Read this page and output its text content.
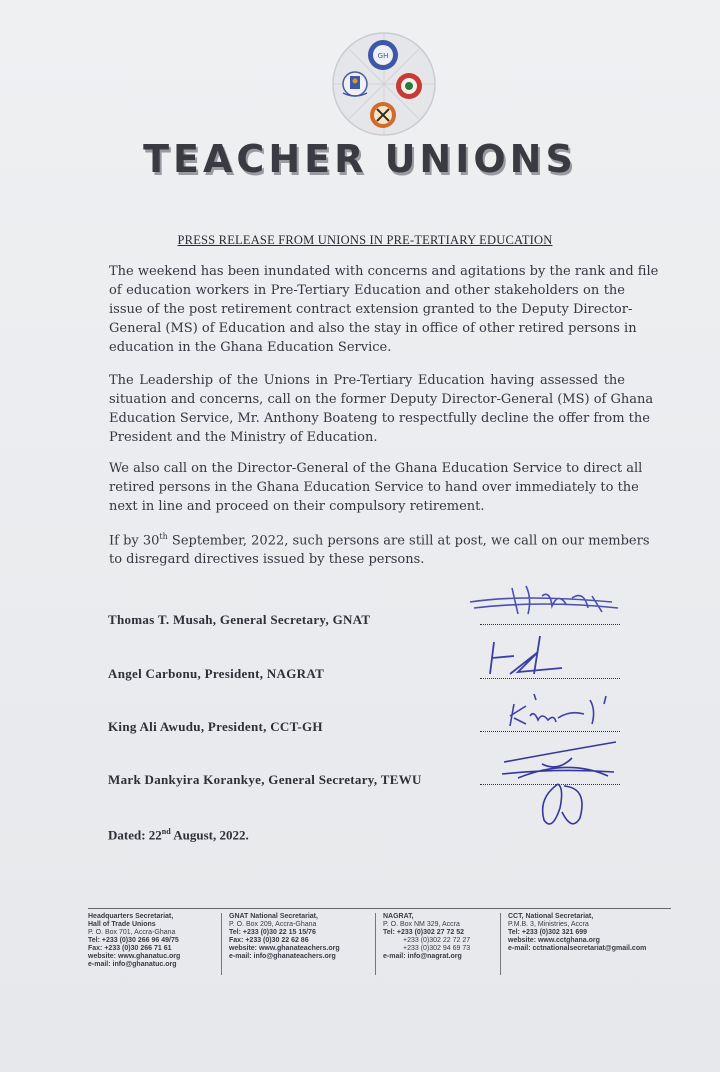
GH
TEACHER UNIONS
PRESS RELEASE FROM UNIONS IN PRE-TERTIARY EDUCATION
The weekend has been inundated with concerns and agitations by the rank and file
of education workers in Pre-Tertiary Education and other stakeholders on the
issue of the post retirement contract extension granted to the Deputy Director-
General (MS) of Education and also the stay in office of other retired persons in
education in the Ghana Education Service.
The Leadership of the Unions in Pre-Tertiary Education having assessed the
situation and concerns, call on the former Deputy Director-General (MS) of Ghana
Education Service, Mr. Anthony Boateng to respectfully decline the offer from the
President and the Ministry of Education.
We also call on the Director-General of the Ghana Education Service to direct all
retired persons in the Ghana Education Service to hand over immediately to the
next in line and proceed on their compulsory retirement.
If by 30th September, 2022, such persons are still at post, we call on our members
to disregard directives issued by these persons.
Thomas T. Musah, General Secretary, GNAT
Angel Carbonu, President, NAGRAT
King Ali Awudu, President, CCT-GH
Mark Dankyira Korankye, General Secretary, TEWU
Dated: 22nd August, 2022.
Headquarters Secretariat,
Hall of Trade Unions
P. O. Box 701, Accra-Ghana
Tel: +233 (0)30 266 96 49/75
Fax: +233 (0)30 266 71 61
website: www.ghanatuc.org
e-mail: info@ghanatuc.org
GNAT National Secretariat,
P. O. Box 209, Accra-Ghana
Tel: +233 (0)30 22 15 15/76
Fax: +233 (0)30 22 62 86
website: www.ghanateachers.org
e-mail: info@ghanateachers.org
NAGRAT,
P. O. Box NM 329, Accra
Tel: +233 (0)302 27 72 52
+233 (0)302 22 72 27
+233 (0)302 94 69 73
e-mail: info@nagrat.org
CCT, National Secretariat,
P.M.B. 3, Ministries, Accra
Tel: +233 (0)302 321 699
website: www.cctghana.org
e-mail: cctnationalsecretariat@gmail.com
